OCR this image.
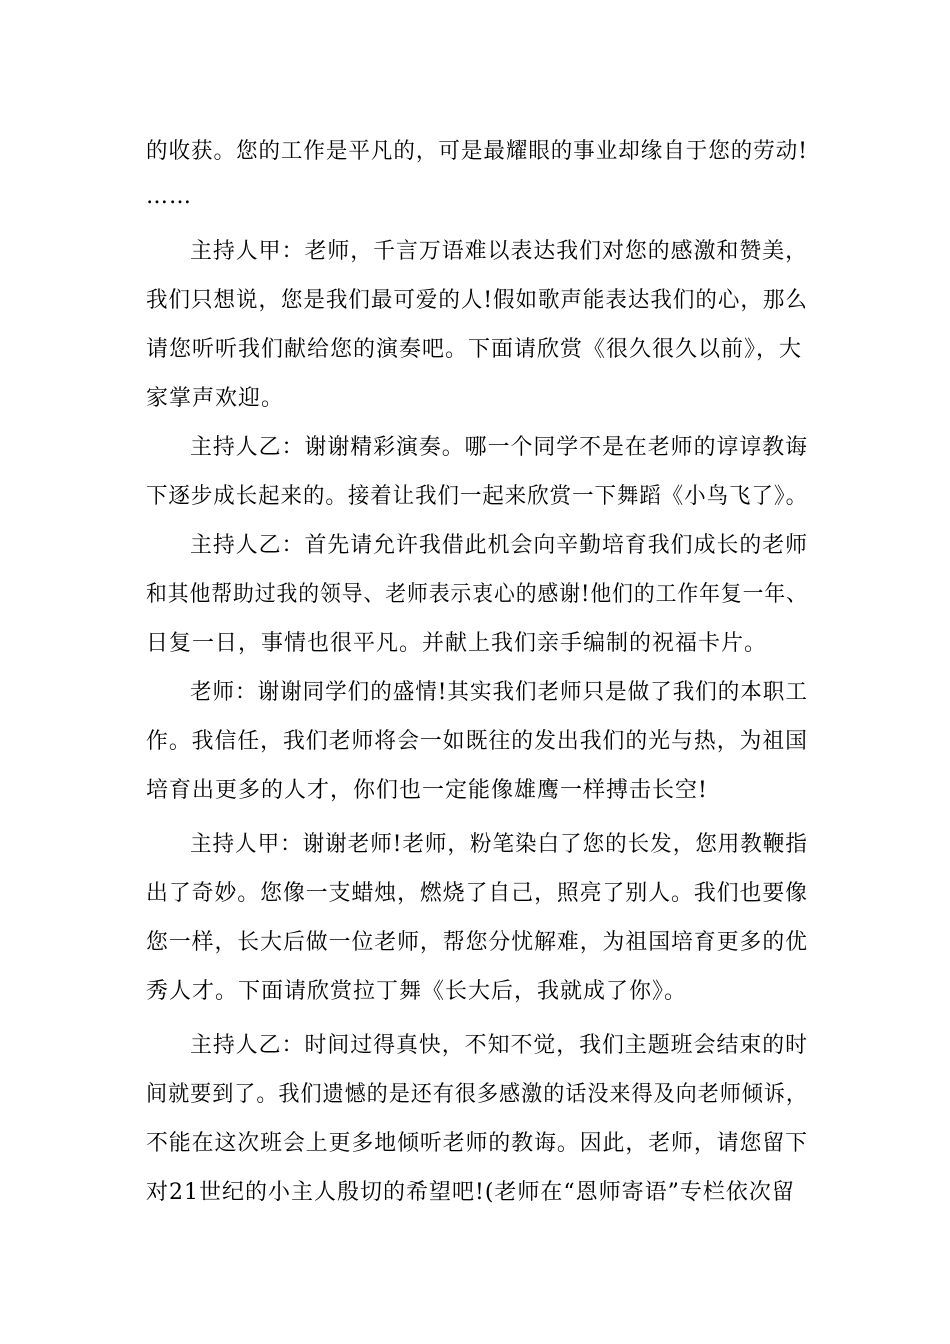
的收获。您的工作是平凡的，可是最耀眼的事业却缘自于您的劳动!
……
主持人甲：老师，千言万语难以表达我们对您的感激和赞美，
我们只想说，您是我们最可爱的人!假如歌声能表达我们的心，那么
请您听听我们献给您的演奏吧。下面请欣赏《很久很久以前》，大
家掌声欢迎。
主持人乙：谢谢精彩演奏。哪一个同学不是在老师的谆谆教诲
下逐步成长起来的。接着让我们一起来欣赏一下舞蹈《小鸟飞了》。
主持人乙：首先请允许我借此机会向辛勤培育我们成长的老师
和其他帮助过我的领导、老师表示衷心的感谢!他们的工作年复一年、
日复一日，事情也很平凡。并献上我们亲手编制的祝福卡片。
老师：谢谢同学们的盛情!其实我们老师只是做了我们的本职工
作。我信任，我们老师将会一如既往的发出我们的光与热，为祖国
培育出更多的人才，你们也一定能像雄鹰一样搏击长空!
主持人甲：谢谢老师!老师，粉笔染白了您的长发，您用教鞭指
出了奇妙。您像一支蜡烛，燃烧了自己，照亮了别人。我们也要像
您一样，长大后做一位老师，帮您分忧解难，为祖国培育更多的优
秀人才。下面请欣赏拉丁舞《长大后，我就成了你》。
主持人乙：时间过得真快，不知不觉，我们主题班会结束的时
间就要到了。我们遗憾的是还有很多感激的话没来得及向老师倾诉，
不能在这次班会上更多地倾听老师的教诲。因此，老师，请您留下
对21世纪的小主人殷切的希望吧!(老师在“恩师寄语”专栏依次留
